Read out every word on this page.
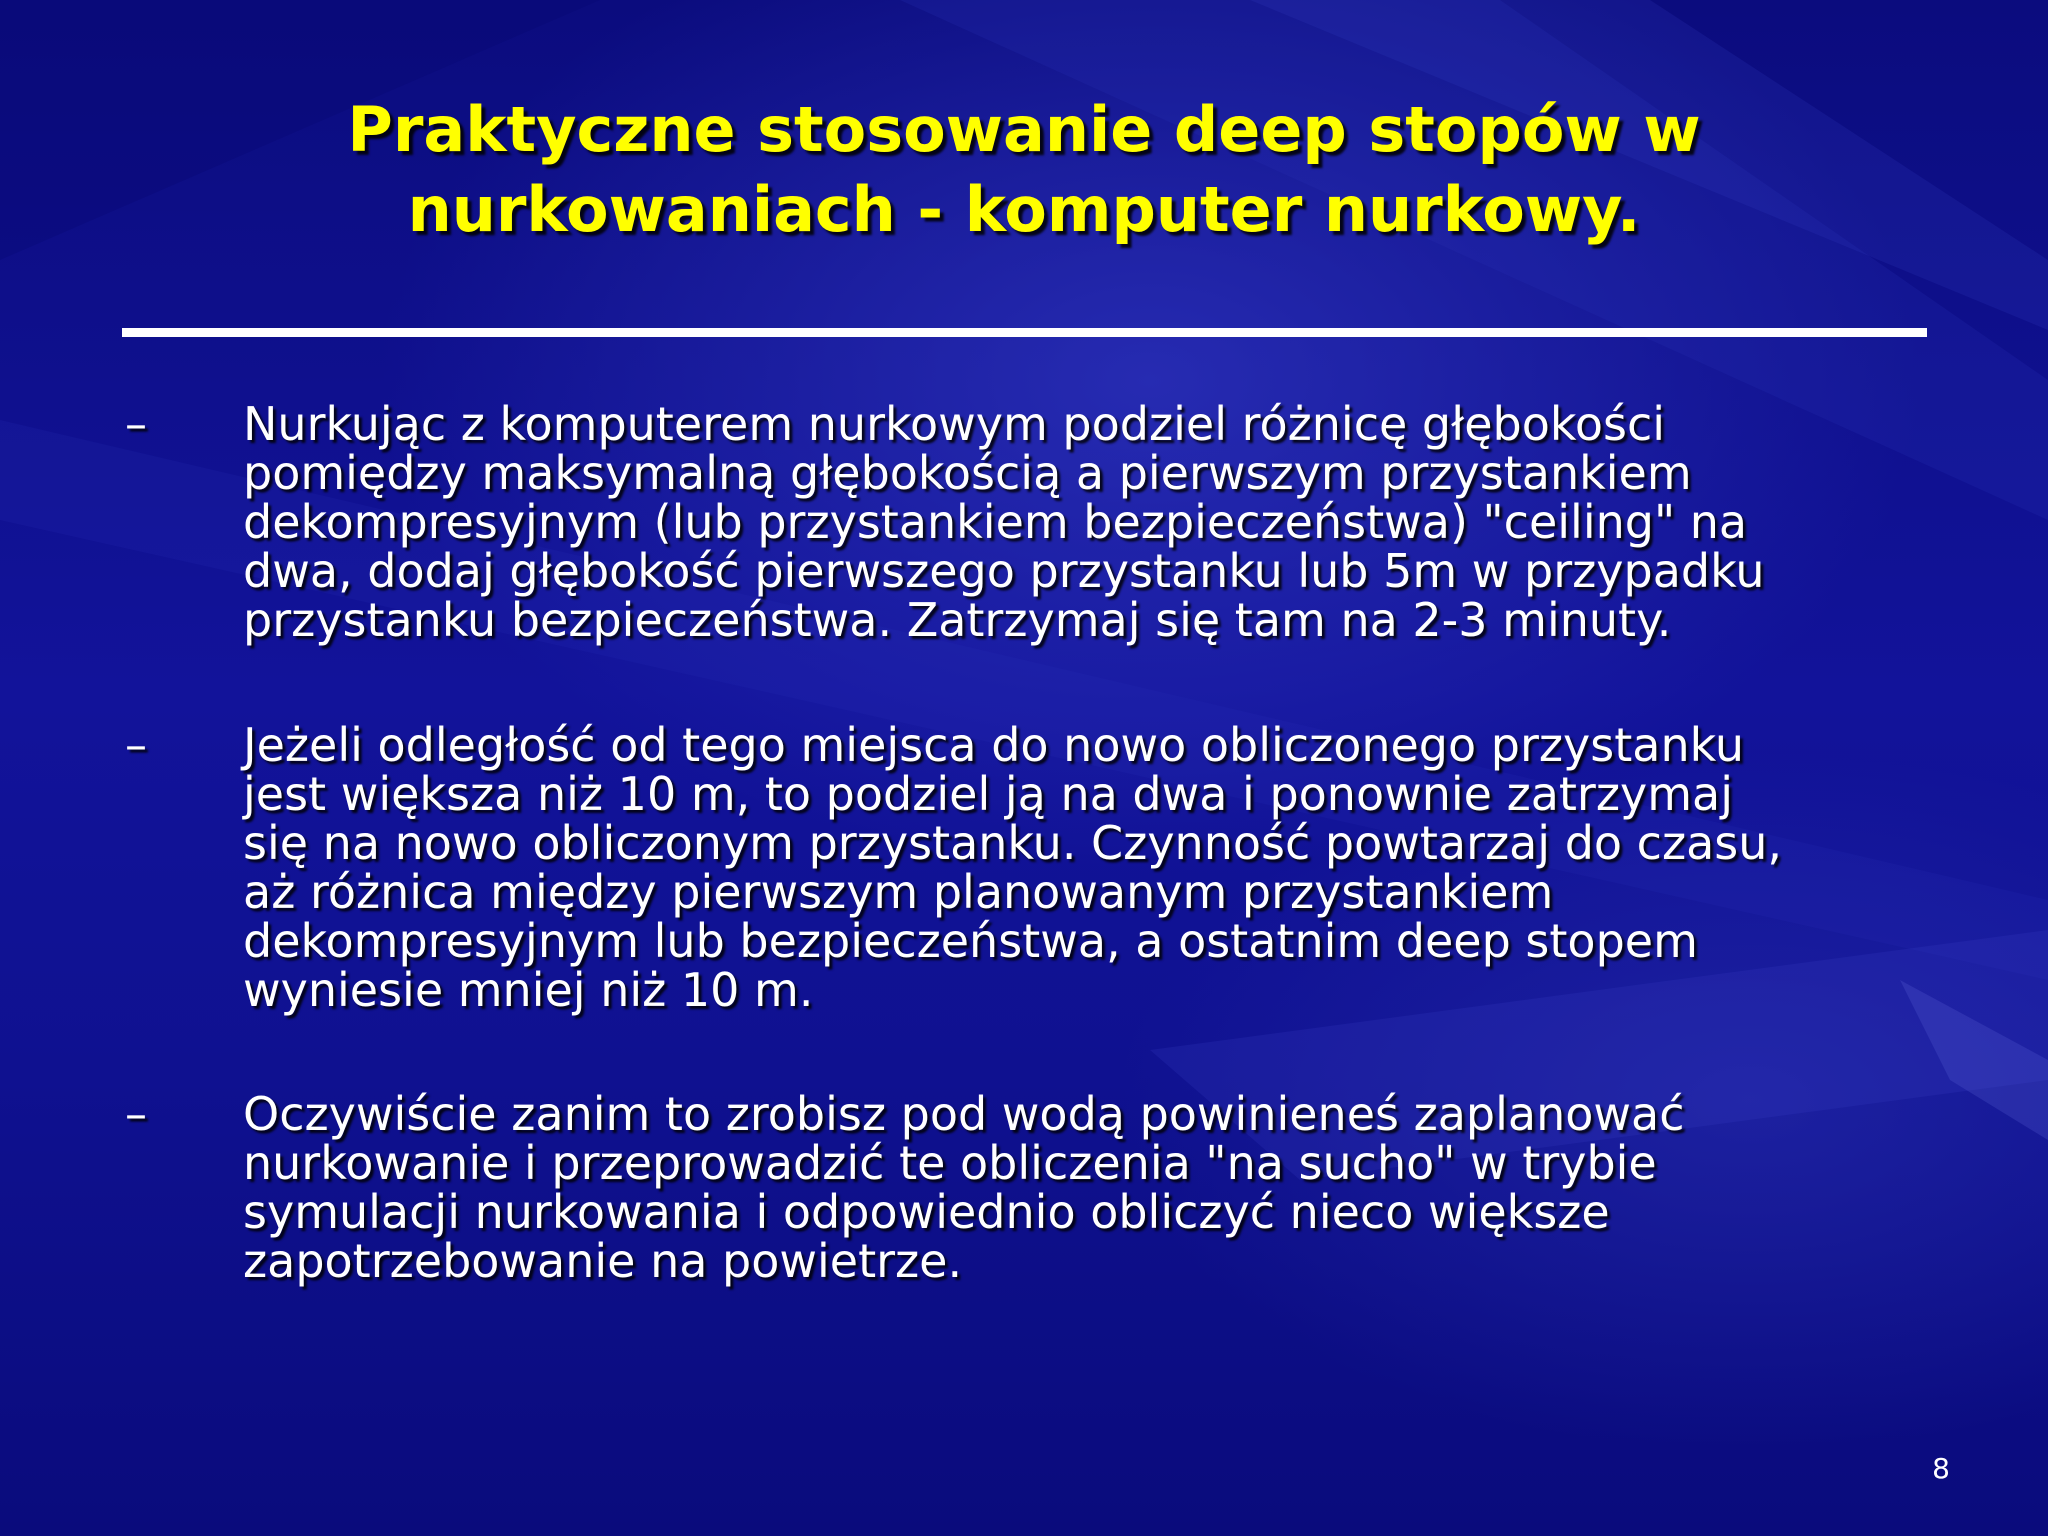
Praktyczne stosowanie deep stopów w
nurkowaniach - komputer nurkowy.
– Nurkując z komputerem nurkowym podziel różnicę głębokości
pomiędzy maksymalną głębokością a pierwszym przystankiem
dekompresyjnym (lub przystankiem bezpieczeństwa) "ceiling" na
dwa, dodaj głębokość pierwszego przystanku lub 5m w przypadku
przystanku bezpieczeństwa. Zatrzymaj się tam na 2-3 minuty.

– Jeżeli odległość od tego miejsca do nowo obliczonego przystanku
jest większa niż 10 m, to podziel ją na dwa i ponownie zatrzymaj
się na nowo obliczonym przystanku. Czynność powtarzaj do czasu,
aż różnica między pierwszym planowanym przystankiem
dekompresyjnym lub bezpieczeństwa, a ostatnim deep stopem
wyniesie mniej niż 10 m.

– Oczywiście zanim to zrobisz pod wodą powinieneś zaplanować
nurkowanie i przeprowadzić te obliczenia "na sucho" w trybie
symulacji nurkowania i odpowiednio obliczyć nieco większe
zapotrzebowanie na powietrze.

8
